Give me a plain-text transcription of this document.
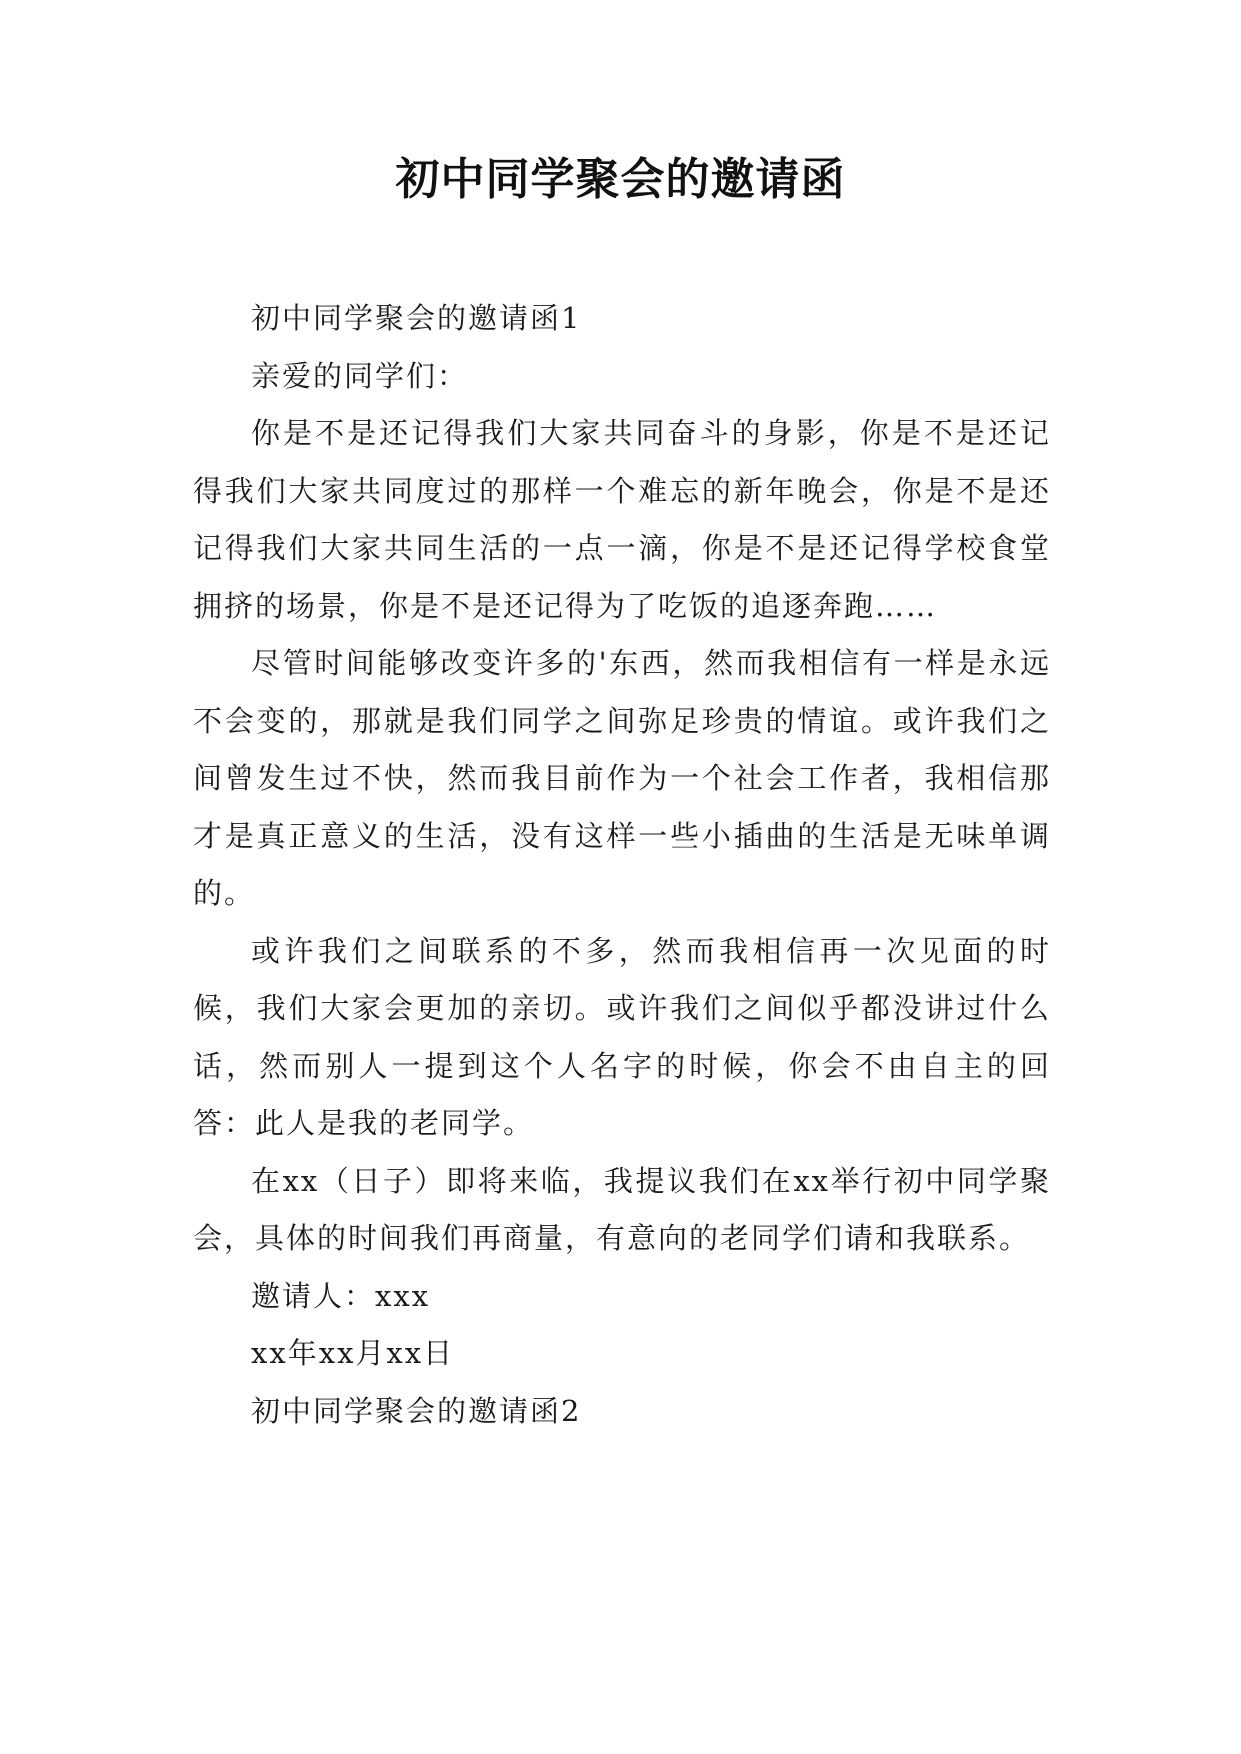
初中同学聚会的邀请函

初中同学聚会的邀请函1

亲爱的同学们：

你是不是还记得我们大家共同奋斗的身影，你是不是还记得我们大家共同度过的那样一个难忘的新年晚会，你是不是还记得我们大家共同生活的一点一滴，你是不是还记得学校食堂拥挤的场景，你是不是还记得为了吃饭的追逐奔跑……

尽管时间能够改变许多的'东西，然而我相信有一样是永远不会变的，那就是我们同学之间弥足珍贵的情谊。或许我们之间曾发生过不快，然而我目前作为一个社会工作者，我相信那才是真正意义的生活，没有这样一些小插曲的生活是无味单调的。

或许我们之间联系的不多，然而我相信再一次见面的时候，我们大家会更加的亲切。或许我们之间似乎都没讲过什么话，然而别人一提到这个人名字的时候，你会不由自主的回答：此人是我的老同学。

在xx（日子）即将来临，我提议我们在xx举行初中同学聚会，具体的时间我们再商量，有意向的老同学们请和我联系。

邀请人：xxx

xx年xx月xx日

初中同学聚会的邀请函2
